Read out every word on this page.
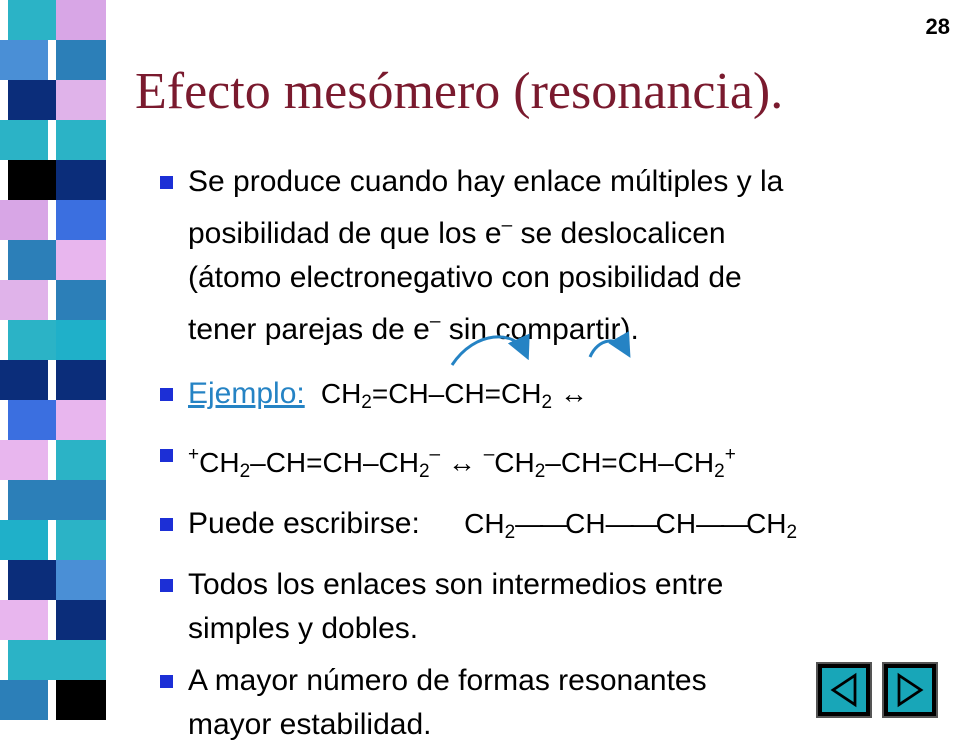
28
Efecto mesómero (resonancia).
Se produce cuando hay enlace múltiples y la
posibilidad de que los e– se deslocalicen
(átomo electronegativo con posibilidad de
tener parejas de e– sin compartir).
Ejemplo:  $CH_2=CH-CH=CH_2$ ↔
$^+CH_2-CH=CH-CH_2^-$ ↔ $^-CH_2-CH=CH-CH_2^+$
Puede escribirse: $CH_2——CH——CH——CH_2$
Todos los enlaces son intermedios entre
simples y dobles.
A mayor número de formas resonantes
mayor estabilidad.
